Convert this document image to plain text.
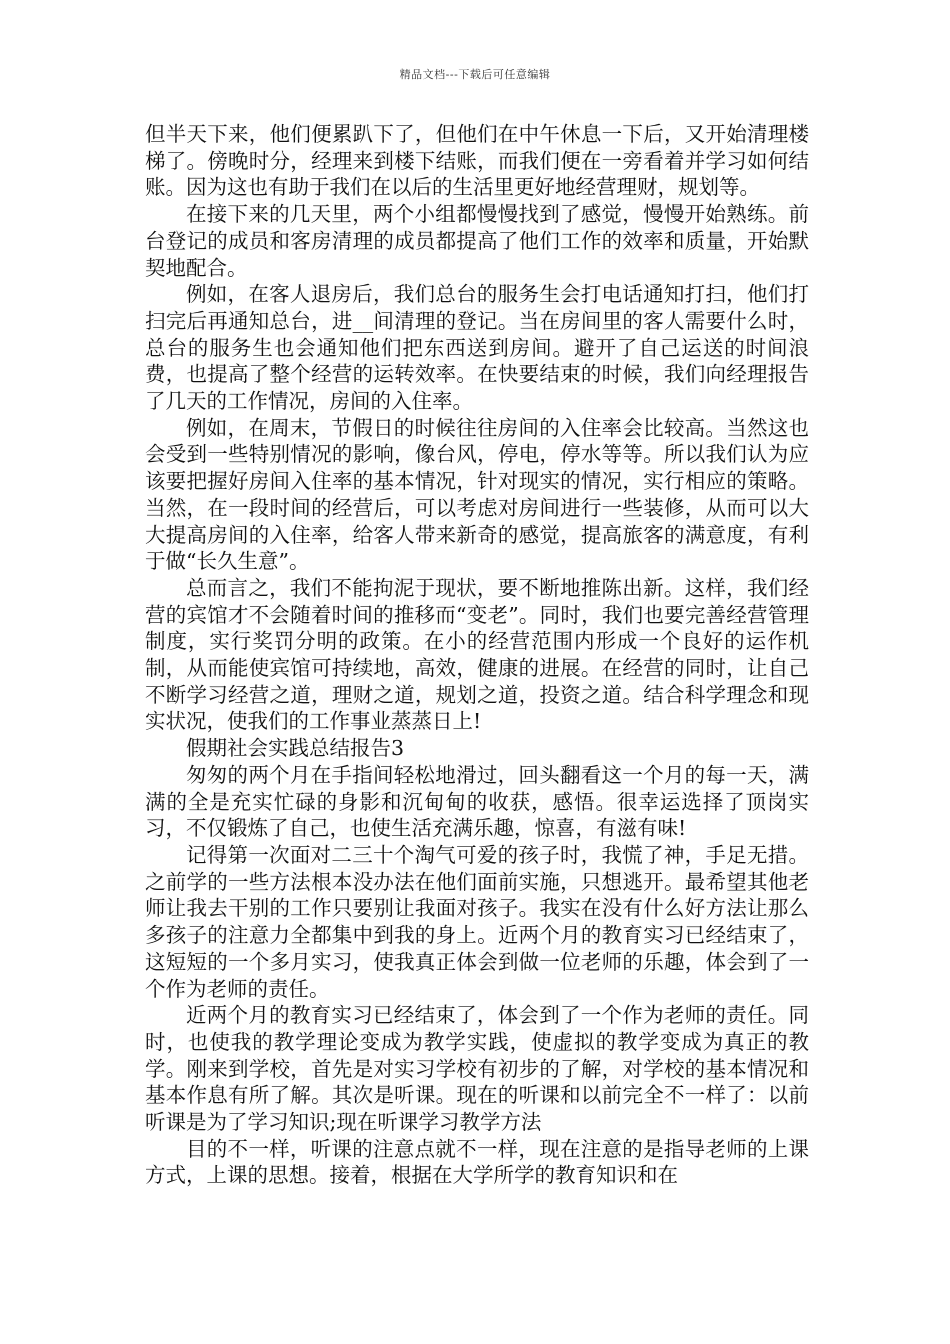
精品文档---下载后可任意编辑

但半天下来，他们便累趴下了，但他们在中午休息一下后，又开始清理楼梯了。傍晚时分，经理来到楼下结账，而我们便在一旁看着并学习如何结账。因为这也有助于我们在以后的生活里更好地经营理财，规划等。

在接下来的几天里，两个小组都慢慢找到了感觉，慢慢开始熟练。前台登记的成员和客房清理的成员都提高了他们工作的效率和质量，开始默契地配合。

例如，在客人退房后，我们总台的服务生会打电话通知打扫，他们打扫完后再通知总台，进__间清理的登记。当在房间里的客人需要什么时，总台的服务生也会通知他们把东西送到房间。避开了自己运送的时间浪费，也提高了整个经营的运转效率。在快要结束的时候，我们向经理报告了几天的工作情况，房间的入住率。

例如，在周末，节假日的时候往往房间的入住率会比较高。当然这也会受到一些特别情况的影响，像台风，停电，停水等等。所以我们认为应该要把握好房间入住率的基本情况，针对现实的情况，实行相应的策略。当然，在一段时间的经营后，可以考虑对房间进行一些装修，从而可以大大提高房间的入住率，给客人带来新奇的感觉，提高旅客的满意度，有利于做“长久生意”。

总而言之，我们不能拘泥于现状，要不断地推陈出新。这样，我们经营的宾馆才不会随着时间的推移而“变老”。同时，我们也要完善经营管理制度，实行奖罚分明的政策。在小的经营范围内形成一个良好的运作机制，从而能使宾馆可持续地，高效，健康的进展。在经营的同时，让自己不断学习经营之道，理财之道，规划之道，投资之道。结合科学理念和现实状况，使我们的工作事业蒸蒸日上!

假期社会实践总结报告3

匆匆的两个月在手指间轻松地滑过，回头翻看这一个月的每一天，满满的全是充实忙碌的身影和沉甸甸的收获，感悟。很幸运选择了顶岗实习，不仅锻炼了自己，也使生活充满乐趣，惊喜，有滋有味!

记得第一次面对二三十个淘气可爱的孩子时，我慌了神，手足无措。之前学的一些方法根本没办法在他们面前实施，只想逃开。最希望其他老师让我去干别的工作只要别让我面对孩子。我实在没有什么好方法让那么多孩子的注意力全都集中到我的身上。近两个月的教育实习已经结束了，这短短的一个多月实习，使我真正体会到做一位老师的乐趣，体会到了一个作为老师的责任。

近两个月的教育实习已经结束了，体会到了一个作为老师的责任。同时，也使我的教学理论变成为教学实践，使虚拟的教学变成为真正的教学。刚来到学校，首先是对实习学校有初步的了解，对学校的基本情况和基本作息有所了解。其次是听课。现在的听课和以前完全不一样了：以前听课是为了学习知识;现在听课学习教学方法

目的不一样，听课的注意点就不一样，现在注意的是指导老师的上课方式，上课的思想。接着，根据在大学所学的教育知识和在
